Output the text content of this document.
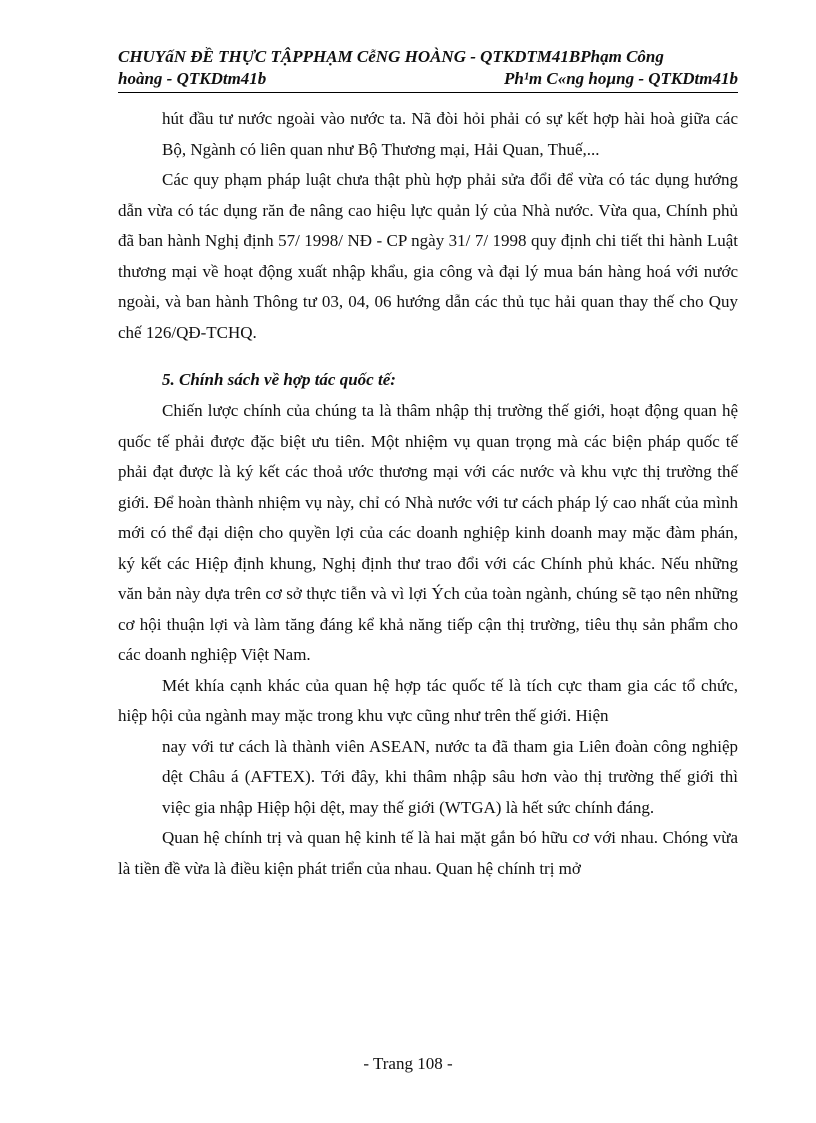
CHUYấN ĐỀ THỰC TẬPPHẠM CễNG HOÀNG - QTKDTM41BPhạm Công
hoàng - QTKDtm41b	Ph¹m C«ng hoµng - QTKDtm41b

hút đầu tư nước ngoài vào nước ta. Nã đòi hỏi phải có sự kết hợp hài hoà giữa các Bộ, Ngành có liên quan như Bộ Thương mại, Hải Quan, Thuế,...

Các quy phạm pháp luật chưa thật phù hợp phải sửa đổi để vừa có tác dụng hướng dẫn vừa có tác dụng răn đe nâng cao hiệu lực quản lý của Nhà nước. Vừa qua, Chính phủ đã ban hành Nghị định 57/ 1998/ NĐ - CP ngày 31/ 7/ 1998 quy định chi tiết thi hành Luật thương mại về hoạt động xuất nhập khẩu, gia công và đại lý mua bán hàng hoá với nước ngoài, và ban hành Thông tư 03, 04, 06 hướng dẫn các thủ tục hải quan thay thế cho Quy chế 126/QĐ-TCHQ.

5. Chính sách về hợp tác quốc tế:

Chiến lược chính của chúng ta là thâm nhập thị trường thế giới, hoạt động quan hệ quốc tế phải được đặc biệt ưu tiên. Một nhiệm vụ quan trọng mà các biện pháp quốc tế phải đạt được là ký kết các thoả ước thương mại với các nước và khu vực thị trường thế giới. Để hoàn thành nhiệm vụ này, chỉ có Nhà nước với tư cách pháp lý cao nhất của mình mới có thể đại diện cho quyền lợi của các doanh nghiệp kinh doanh may mặc đàm phán, ký kết các Hiệp định khung, Nghị định thư trao đổi với các Chính phủ khác. Nếu những văn bản này dựa trên cơ sở thực tiễn và vì lợi Ých của toàn ngành, chúng sẽ tạo nên những cơ hội thuận lợi và làm tăng đáng kể khả năng tiếp cận thị trường, tiêu thụ sản phẩm cho các doanh nghiệp Việt Nam.

Mét khía cạnh khác của quan hệ hợp tác quốc tế là tích cực tham gia các tổ chức, hiệp hội của ngành may mặc trong khu vực cũng như trên thế giới. Hiện

nay với tư cách là thành viên ASEAN, nước ta đã tham gia Liên đoàn công nghiệp dệt Châu á (AFTEX). Tới đây, khi thâm nhập sâu hơn vào thị trường thế giới thì việc gia nhập Hiệp hội dệt, may thế giới (WTGA) là hết sức chính đáng.

Quan hệ chính trị và quan hệ kinh tế là hai mặt gắn bó hữu cơ với nhau. Chóng vừa là tiền đề vừa là điều kiện phát triển của nhau. Quan hệ chính trị mở

- Trang 108 -
